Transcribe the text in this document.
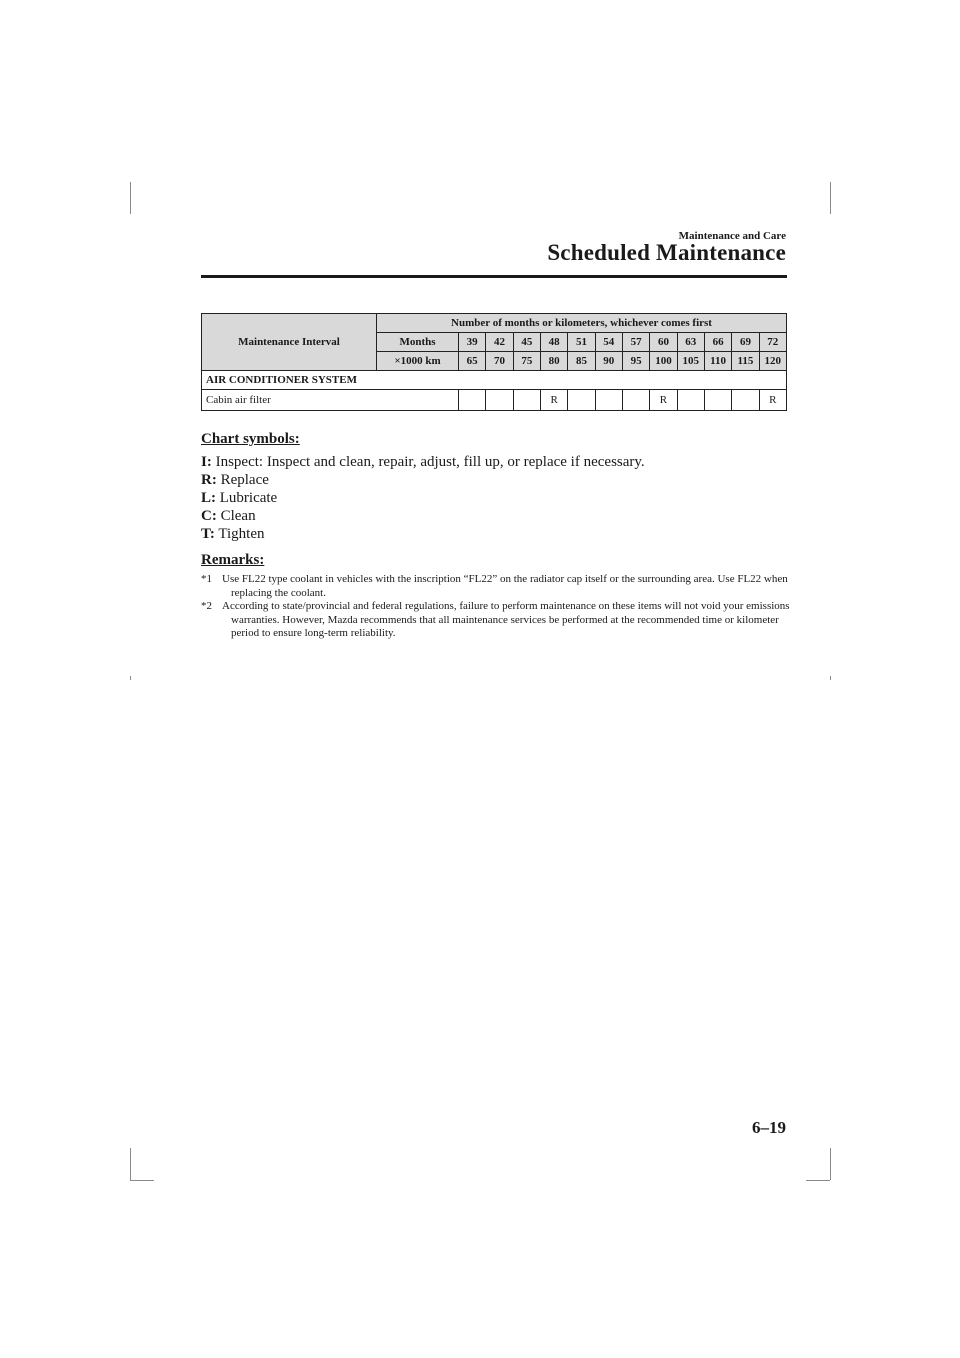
Maintenance and Care
Scheduled Maintenance
Maintenance Interval	Number of months or kilometers, whichever comes first												
	Months	39	42	45	48	51	54	57	60	63	66	69	72
	×1000 km	65	70	75	80	85	90	95	100	105	110	115	120
AIR CONDITIONER SYSTEM													
Cabin air filter					R				R				R
Chart symbols:
I: Inspect: Inspect and clean, repair, adjust, fill up, or replace if necessary.
R: Replace
L: Lubricate
C: Clean
T: Tighten
Remarks:
*1 Use FL22 type coolant in vehicles with the inscription “FL22” on the radiator cap itself or the surrounding area. Use FL22 when replacing the coolant.
*2 According to state/provincial and federal regulations, failure to perform maintenance on these items will not void your emissions warranties. However, Mazda recommends that all maintenance services be performed at the recommended time or kilometer period to ensure long-term reliability.
6–19
